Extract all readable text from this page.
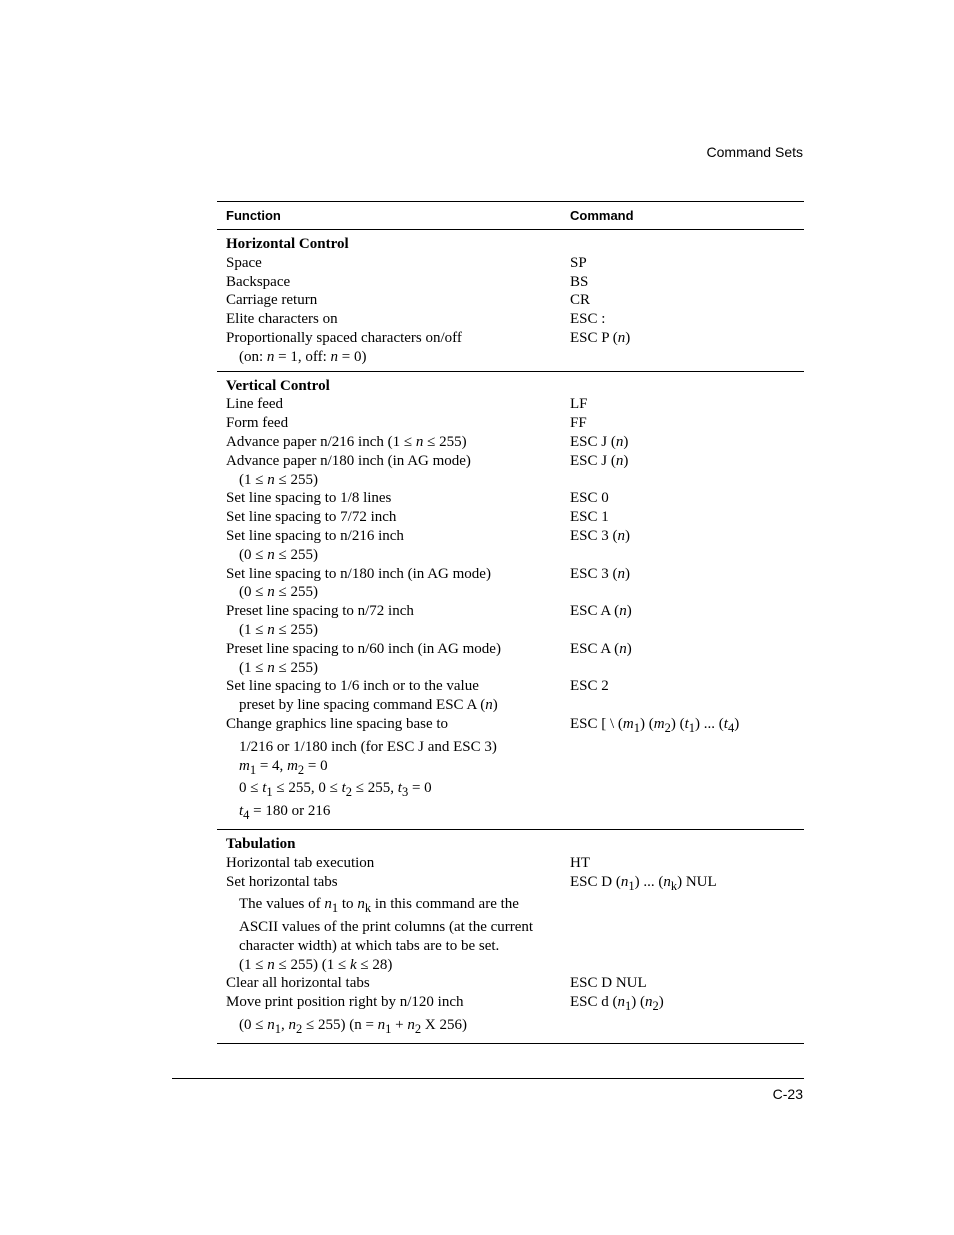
Command Sets
Function	Command
Horizontal Control
Space	SP
Backspace	BS
Carriage return	CR
Elite characters on	ESC :
Proportionally spaced characters on/off	ESC P (n)
(on: n = 1, off: n = 0)
Vertical Control
Line feed	LF
Form feed	FF
Advance paper n/216 inch (1 ≤ n ≤ 255)	ESC J (n)
Advance paper n/180 inch (in AG mode)	ESC J (n)
(1 ≤ n ≤ 255)
Set line spacing to 1/8 lines	ESC 0
Set line spacing to 7/72 inch	ESC 1
Set line spacing to n/216 inch	ESC 3 (n)
(0 ≤ n ≤ 255)
Set line spacing to n/180 inch (in AG mode)	ESC 3 (n)
(0 ≤ n ≤ 255)
Preset line spacing to n/72 inch	ESC A (n)
(1 ≤ n ≤ 255)
Preset line spacing to n/60 inch (in AG mode)	ESC A (n)
(1 ≤ n ≤ 255)
Set line spacing to 1/6 inch or to the value	ESC 2
preset by line spacing command ESC A (n)
Change graphics line spacing base to	ESC [ \ $(m_1)$ $(m_2)$ $(t_1)$ ... $(t_4)$
1/216 or 1/180 inch (for ESC J and ESC 3)
$m_1 = 4$, $m_2 = 0$
$0 \le t_1 \le 255$, $0 \le t_2 \le 255$, $t_3 = 0$
$t_4 = 180$ or 216
Tabulation
Horizontal tab execution	HT
Set horizontal tabs	ESC D $(n_1)$ ... $(n_k)$ NUL
The values of $n_1$ to $n_k$ in this command are the
ASCII values of the print columns (at the current
character width) at which tabs are to be set.
(1 ≤ n ≤ 255) (1 ≤ k ≤ 28)
Clear all horizontal tabs	ESC D NUL
Move print position right by n/120 inch	ESC d $(n_1)$ $(n_2)$
($0 \le n_1$, $n_2 \le 255$) ($n = n_1 + n_2$ X 256)
C-23
